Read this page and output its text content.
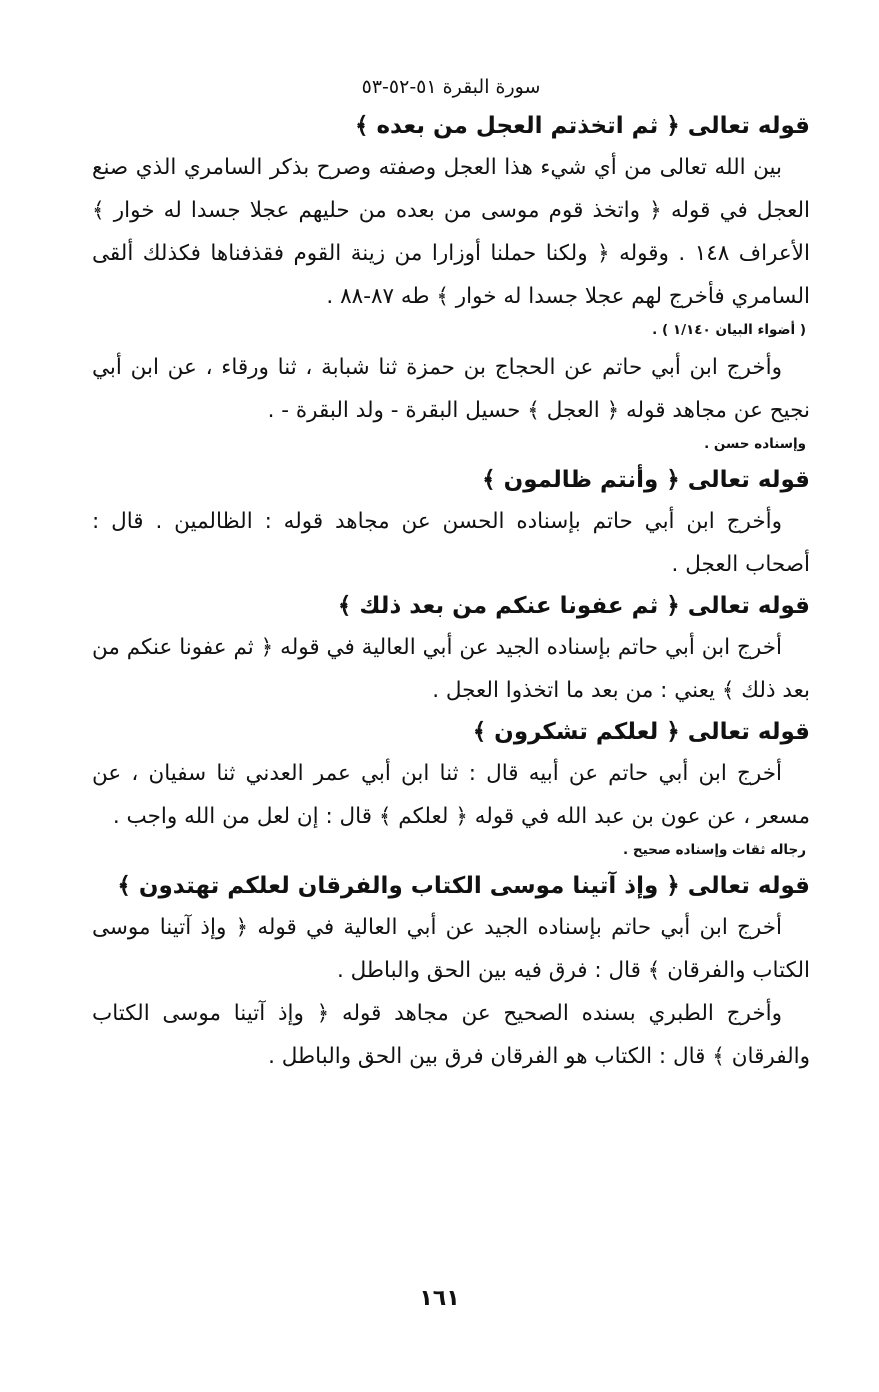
سورة البقرة ٥١-٥٢-٥٣
قوله تعالى ﴿ ثم اتخذتم العجل من بعده ﴾

بين الله تعالى من أي شيء هذا العجل وصفته وصرح بذكر السامري الذي صنع العجل في قوله ﴿ واتخذ قوم موسى من بعده من حليهم عجلا جسدا له خوار ﴾ الأعراف ١٤٨ . وقوله ﴿ ولكنا حملنا أوزارا من زينة القوم فقذفناها فكذلك ألقى السامري فأخرج لهم عجلا جسدا له خوار ﴾ طه ٨٧-٨٨ .

( أضواء البيان ١/١٤٠ ) .

وأخرج ابن أبي حاتم عن الحجاج بن حمزة ثنا شبابة ، ثنا ورقاء ، عن ابن أبي نجيح عن مجاهد قوله ﴿ العجل ﴾ حسيل البقرة - ولد البقرة - .

وإسناده حسن .
قوله تعالى ﴿ وأنتم ظالمون ﴾

وأخرج ابن أبي حاتم بإسناده الحسن عن مجاهد قوله : الظالمين . قال : أصحاب العجل .

قوله تعالى ﴿ ثم عفونا عنكم من بعد ذلك ﴾

أخرج ابن أبي حاتم بإسناده الجيد عن أبي العالية في قوله ﴿ ثم عفونا عنكم من بعد ذلك ﴾ يعني : من بعد ما اتخذوا العجل .

قوله تعالى ﴿ لعلكم تشكرون ﴾

أخرج ابن أبي حاتم عن أبيه قال : ثنا ابن أبي عمر العدني ثنا سفيان ، عن مسعر ، عن عون بن عبد الله في قوله ﴿ لعلكم ﴾ قال : إن لعل من الله واجب .

رجاله ثقات وإسناده صحيح .
قوله تعالى ﴿ وإذ آتينا موسى الكتاب والفرقان لعلكم تهتدون ﴾

أخرج ابن أبي حاتم بإسناده الجيد عن أبي العالية في قوله ﴿ وإذ آتينا موسى الكتاب والفرقان ﴾ قال : فرق فيه بين الحق والباطل .

وأخرج الطبري بسنده الصحيح عن مجاهد قوله ﴿ وإذ آتينا موسى الكتاب والفرقان ﴾ قال : الكتاب هو الفرقان فرق بين الحق والباطل .

١٦١
